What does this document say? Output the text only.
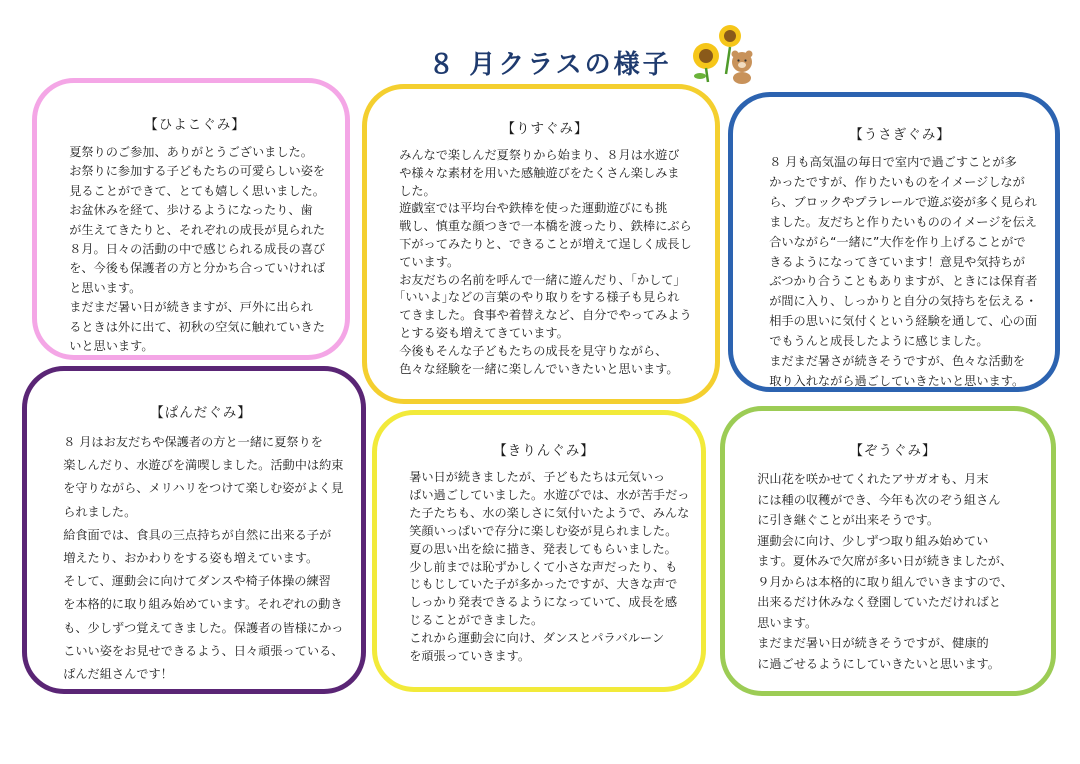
８ 月クラスの様子
【ひよこぐみ】

夏祭りのご参加、ありがとうございました。

お祭りに参加する子どもたちの可愛らしい姿を

見ることができて、とても嬉しく思いました。

お盆休みを経て、歩けるようになったり、歯

が生えてきたりと、それぞれの成長が見られた

８月。日々の活動の中で感じられる成長の喜び

を、今後も保護者の方と分かち合っていければ

と思います。

まだまだ暑い日が続きますが、戸外に出られ

るときは外に出て、初秋の空気に触れていきた

いと思います。

【りすぐみ】

みんなで楽しんだ夏祭りから始まり、８月は水遊び

や様々な素材を用いた感触遊びをたくさん楽しみま

した。

遊戯室では平均台や鉄棒を使った運動遊びにも挑

戦し、慎重な顔つきで一本橋を渡ったり、鉄棒にぶら

下がってみたりと、できることが増えて逞しく成長し

ています。

お友だちの名前を呼んで一緒に遊んだり、｢かして｣

｢いいよ｣などの言葉のやり取りをする様子も見られ

てきました。食事や着替えなど、自分でやってみよう

とする姿も増えてきています。

今後もそんな子どもたちの成長を見守りながら、

色々な経験を一緒に楽しんでいきたいと思います。

【うさぎぐみ】

８ 月も高気温の毎日で室内で過ごすことが多

かったですが、作りたいものをイメージしなが

ら、ブロックやプラレールで遊ぶ姿が多く見られ

ました。友だちと作りたいもののイメージを伝え

合いながら“一緒に”大作を作り上げることがで

きるようになってきています！意見や気持ちが

ぶつかり合うこともありますが、ときには保育者

が間に入り、しっかりと自分の気持ちを伝える・

相手の思いに気付くという経験を通して、心の面

でもうんと成長したように感じました。

まだまだ暑さが続きそうですが、色々な活動を

取り入れながら過ごしていきたいと思います。

【ぱんだぐみ】

８ 月はお友だちや保護者の方と一緒に夏祭りを

楽しんだり、水遊びを満喫しました。活動中は約束

を守りながら、メリハリをつけて楽しむ姿がよく見

られました。

給食面では、食具の三点持ちが自然に出来る子が

増えたり、おかわりをする姿も増えています。

そして、運動会に向けてダンスや椅子体操の練習

を本格的に取り組み始めています。それぞれの動き

も、少しずつ覚えてきました。保護者の皆様にかっ

こいい姿をお見せできるよう、日々頑張っている、

ぱんだ組さんです！

【きりんぐみ】

暑い日が続きましたが、子どもたちは元気いっ

ぱい過ごしていました。水遊びでは、水が苦手だっ

た子たちも、水の楽しさに気付いたようで、みんな

笑顔いっぱいで存分に楽しむ姿が見られました。

夏の思い出を絵に描き、発表してもらいました。

少し前までは恥ずかしくて小さな声だったり、も

じもじしていた子が多かったですが、大きな声で

しっかり発表できるようになっていて、成長を感

じることができました。

これから運動会に向け、ダンスとパラバルーン

を頑張っていきます。

【ぞうぐみ】

沢山花を咲かせてくれたアサガオも、月末

には種の収穫ができ、今年も次のぞう組さん

に引き継ぐことが出来そうです。

運動会に向け、少しずつ取り組み始めてい

ます。夏休みで欠席が多い日が続きましたが、

９月からは本格的に取り組んでいきますので、

出来るだけ休みなく登園していただければと

思います。

まだまだ暑い日が続きそうですが、健康的

に過ごせるようにしていきたいと思います。
